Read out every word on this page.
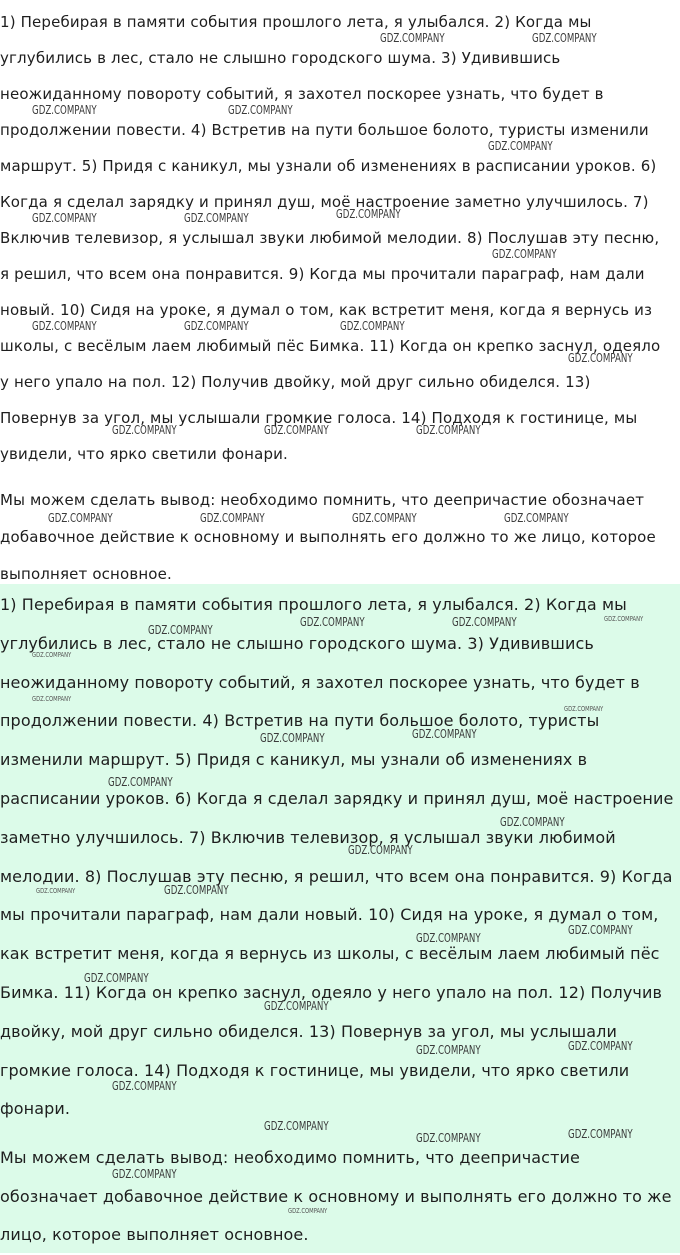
1) Перебирая в памяти события прошлого лета, я улыбался. 2) Когда мы углубились в лес, стало не слышно городского шума. 3) Удивившись неожиданному повороту событий, я захотел поскорее узнать, что будет в продолжении повести. 4) Встретив на пути большое болото, туристы изменили маршрут. 5) Придя с каникул, мы узнали об изменениях в расписании уроков. 6) Когда я сделал зарядку и принял душ, моё настроение заметно улучшилось. 7) Включив телевизор, я услышал звуки любимой мелодии. 8) Послушав эту песню, я решил, что всем она понравится. 9) Когда мы прочитали параграф, нам дали новый. 10) Сидя на уроке, я думал о том, как встретит меня, когда я вернусь из школы, с весёлым лаем любимый пёс Бимка. 11) Когда он крепко заснул, одеяло у него упало на пол. 12) Получив двойку, мой друг сильно обиделся. 13) Повернув за угол, мы услышали громкие голоса. 14) Подходя к гостинице, мы увидели, что ярко светили фонари.

Мы можем сделать вывод: необходимо помнить, что деепричастие обозначает добавочное действие к основному и выполнять его должно то же лицо, которое выполняет основное.

1) Перебирая в памяти события прошлого лета, я улыбался. 2) Когда мы углубились в лес, стало не слышно городского шума. 3) Удивившись неожиданному повороту событий, я захотел поскорее узнать, что будет в продолжении повести. 4) Встретив на пути большое болото, туристы изменили маршрут. 5) Придя с каникул, мы узнали об изменениях в расписании уроков. 6) Когда я сделал зарядку и принял душ, моё настроение заметно улучшилось. 7) Включив телевизор, я услышал звуки любимой мелодии. 8) Послушав эту песню, я решил, что всем она понравится. 9) Когда мы прочитали параграф, нам дали новый. 10) Сидя на уроке, я думал о том, как встретит меня, когда я вернусь из школы, с весёлым лаем любимый пёс Бимка. 11) Когда он крепко заснул, одеяло у него упало на пол. 12) Получив двойку, мой друг сильно обиделся. 13) Повернув за угол, мы услышали громкие голоса. 14) Подходя к гостинице, мы увидели, что ярко светили фонари.

Мы можем сделать вывод: необходимо помнить, что деепричастие обозначает добавочное действие к основному и выполнять его должно то же лицо, которое выполняет основное.

GDZ.COMPANY	GDZ.COMPANY
GDZ.COMPANY	GDZ.COMPANY
GDZ.COMPANY
GDZ.COMPANY	GDZ.COMPANY	GDZ.COMPANY
GDZ.COMPANY
GDZ.COMPANY	GDZ.COMPANY	GDZ.COMPANY
GDZ.COMPANY
GDZ.COMPANY	GDZ.COMPANY	GDZ.COMPANY
GDZ.COMPANY	GDZ.COMPANY	GDZ.COMPANY	GDZ.COMPANY
GDZ.COMPANY
GDZ.COMPANY	GDZ.COMPANY	GDZ.COMPANY
GDZ.COMPANY
GDZ.COMPANY
GDZ.COMPANY
GDZ.COMPANY
GDZ.COMPANY
GDZ.COMPANY
GDZ.COMPANY
GDZ.COMPANY
GDZ.COMPANY	GDZ.COMPANY
GDZ.COMPANY
GDZ.COMPANY
GDZ.COMPANY
GDZ.COMPANY
GDZ.COMPANY
GDZ.COMPANY
GDZ.COMPANY
GDZ.COMPANY
GDZ.COMPANY	GDZ.COMPANY
GDZ.COMPANY
GDZ.COMPANY
